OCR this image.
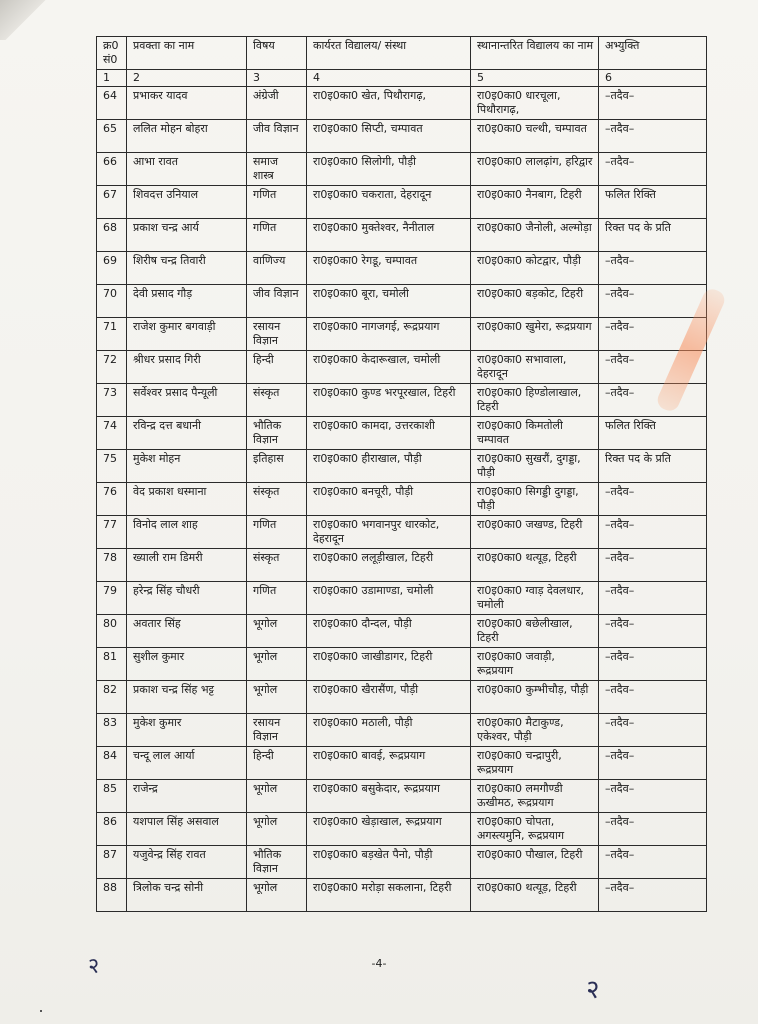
क्र0 सं0	प्रवक्ता का नाम	विषय	कार्यरत विद्यालय/ संस्था	स्थानान्तरित विद्यालय का नाम	अभ्युक्ति
1	2	3	4	5	6
64	प्रभाकर यादव	अंग्रेजी	रा0इ0का0 खेत, पिथौरागढ़,	रा0इ0का0 धारचूला, पिथौरागढ़,	–तदैव–
65	ललित मोहन बोहरा	जीव विज्ञान	रा0इ0का0 सिप्टी, चम्पावत	रा0इ0का0 चल्थी, चम्पावत	–तदैव–
66	आभा रावत	समाज शास्त्र	रा0इ0का0 सिलोगी, पौड़ी	रा0इ0का0 लालढ़ांग, हरिद्वार	–तदैव–
67	शिवदत्त उनियाल	गणित	रा0इ0का0 चकराता, देहरादून	रा0इ0का0 नैनबाग, टिहरी	फलित रिक्ति
68	प्रकाश चन्द्र आर्य	गणित	रा0इ0का0 मुक्तेश्वर, नैनीताल	रा0इ0का0 जैनोली, अल्मोड़ा	रिक्त पद के प्रति
69	शिरीष चन्द्र तिवारी	वाणिज्य	रा0इ0का0 रेगडू, चम्पावत	रा0इ0का0 कोटद्वार, पौड़ी	–तदैव–
70	देवी प्रसाद गौड़	जीव विज्ञान	रा0इ0का0 बूरा, चमोली	रा0इ0का0 बड़कोट, टिहरी	–तदैव–
71	राजेश कुमार बगवाड़ी	रसायन विज्ञान	रा0इ0का0 नागजगई, रूद्रप्रयाग	रा0इ0का0 खुमेरा, रूद्रप्रयाग	–तदैव–
72	श्रीधर प्रसाद गिरी	हिन्दी	रा0इ0का0 केदारूखाल, चमोली	रा0इ0का0 सभावाला, देहरादून	–तदैव–
73	सर्वेश्वर प्रसाद पैन्यूली	संस्कृत	रा0इ0का0 कुण्ड भरपूरखाल, टिहरी	रा0इ0का0 हिण्डोलाखाल, टिहरी	–तदैव–
74	रविन्द्र दत्त बधानी	भौतिक विज्ञान	रा0इ0का0 कामदा, उत्तरकाशी	रा0इ0का0 किमतोली चम्पावत	फलित रिक्ति
75	मुकेश मोहन	इतिहास	रा0इ0का0 हीराखाल, पौड़ी	रा0इ0का0 सुखरौं, दुगड्डा, पौड़ी	रिक्त पद के प्रति
76	वेद प्रकाश धस्माना	संस्कृत	रा0इ0का0 बनचूरी, पौड़ी	रा0इ0का0 सिगड्डी दुगड्डा, पौड़ी	–तदैव–
77	विनोद लाल शाह	गणित	रा0इ0का0 भगवानपुर धारकोट, देहरादून	रा0इ0का0 जखण्ड, टिहरी	–तदैव–
78	ख्याली राम डिमरी	संस्कृत	रा0इ0का0 ललूड़ीखाल, टिहरी	रा0इ0का0 थत्यूड़, टिहरी	–तदैव–
79	हरेन्द्र सिंह चौधरी	गणित	रा0इ0का0 उडामाण्डा, चमोली	रा0इ0का0 ग्वाड़ देवलधार, चमोली	–तदैव–
80	अवतार सिंह	भूगोल	रा0इ0का0 दौन्दल, पौड़ी	रा0इ0का0 बछेलीखाल, टिहरी	–तदैव–
81	सुशील कुमार	भूगोल	रा0इ0का0 जाखीडागर, टिहरी	रा0इ0का0 जवाड़ी, रूद्रप्रयाग	–तदैव–
82	प्रकाश चन्द्र सिंह भट्ट	भूगोल	रा0इ0का0 खैरासैंण, पौड़ी	रा0इ0का0 कुम्भीचौड़, पौड़ी	–तदैव–
83	मुकेश कुमार	रसायन विज्ञान	रा0इ0का0 मठाली, पौड़ी	रा0इ0का0 मैटाकुण्ड, एकेश्वर, पौड़ी	–तदैव–
84	चन्दू लाल आर्या	हिन्दी	रा0इ0का0 बावई, रूद्रप्रयाग	रा0इ0का0 चन्द्रापुरी, रूद्रप्रयाग	–तदैव–
85	राजेन्द्र	भूगोल	रा0इ0का0 बसुकेदार, रूद्रप्रयाग	रा0इ0का0 लमगौण्डी ऊखीमठ, रूद्रप्रयाग	–तदैव–
86	यशपाल सिंह असवाल	भूगोल	रा0इ0का0 खेड़ाखाल, रूद्रप्रयाग	रा0इ0का0 चोपता, अगस्त्यमुनि, रूद्रप्रयाग	–तदैव–
87	यजुवेन्द्र सिंह रावत	भौतिक विज्ञान	रा0इ0का0 बड़खेत पैनो, पौड़ी	रा0इ0का0 पौखाल, टिहरी	–तदैव–
88	त्रिलोक चन्द्र सोनी	भूगोल	रा0इ0का0 मरोड़ा सकलाना, टिहरी	रा0इ0का0 थत्यूड़, टिहरी	–तदैव–
२	-4-
२
